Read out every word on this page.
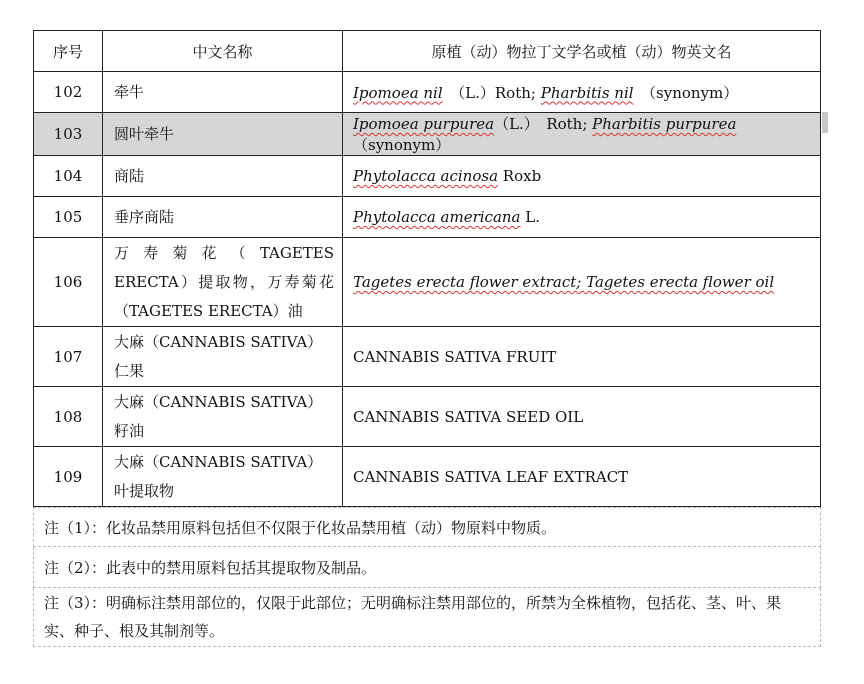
序号	中文名称	原植（动）物拉丁文学名或植（动）物英文名
102	牵牛	Ipomoea nil　（L.）Roth; Pharbitis nil　（synonym）
103	圆叶牵牛	Ipomoea purpurea（L.）　Roth; Pharbitis purpurea　（synonym）
104	商陆	Phytolacca acinosa Roxb
105	垂序商陆	Phytolacca americana L.
106	万寿菊花（TAGETES ERECTA）提取物，万寿菊花（TAGETES ERECTA）油	Tagetes erecta flower extract; Tagetes erecta flower oil
107	大麻（CANNABIS SATIVA）仁果	CANNABIS SATIVA FRUIT
108	大麻（CANNABIS SATIVA）籽油	CANNABIS SATIVA SEED OIL
109	大麻（CANNABIS SATIVA）叶提取物	CANNABIS SATIVA LEAF EXTRACT
注（1）：化妆品禁用原料包括但不仅限于化妆品禁用植（动）物原料中物质。
注（2）：此表中的禁用原料包括其提取物及制品。
注（3）：明确标注禁用部位的，仅限于此部位；无明确标注禁用部位的，所禁为全株植物，包括花、茎、叶、果实、种子、根及其制剂等。
